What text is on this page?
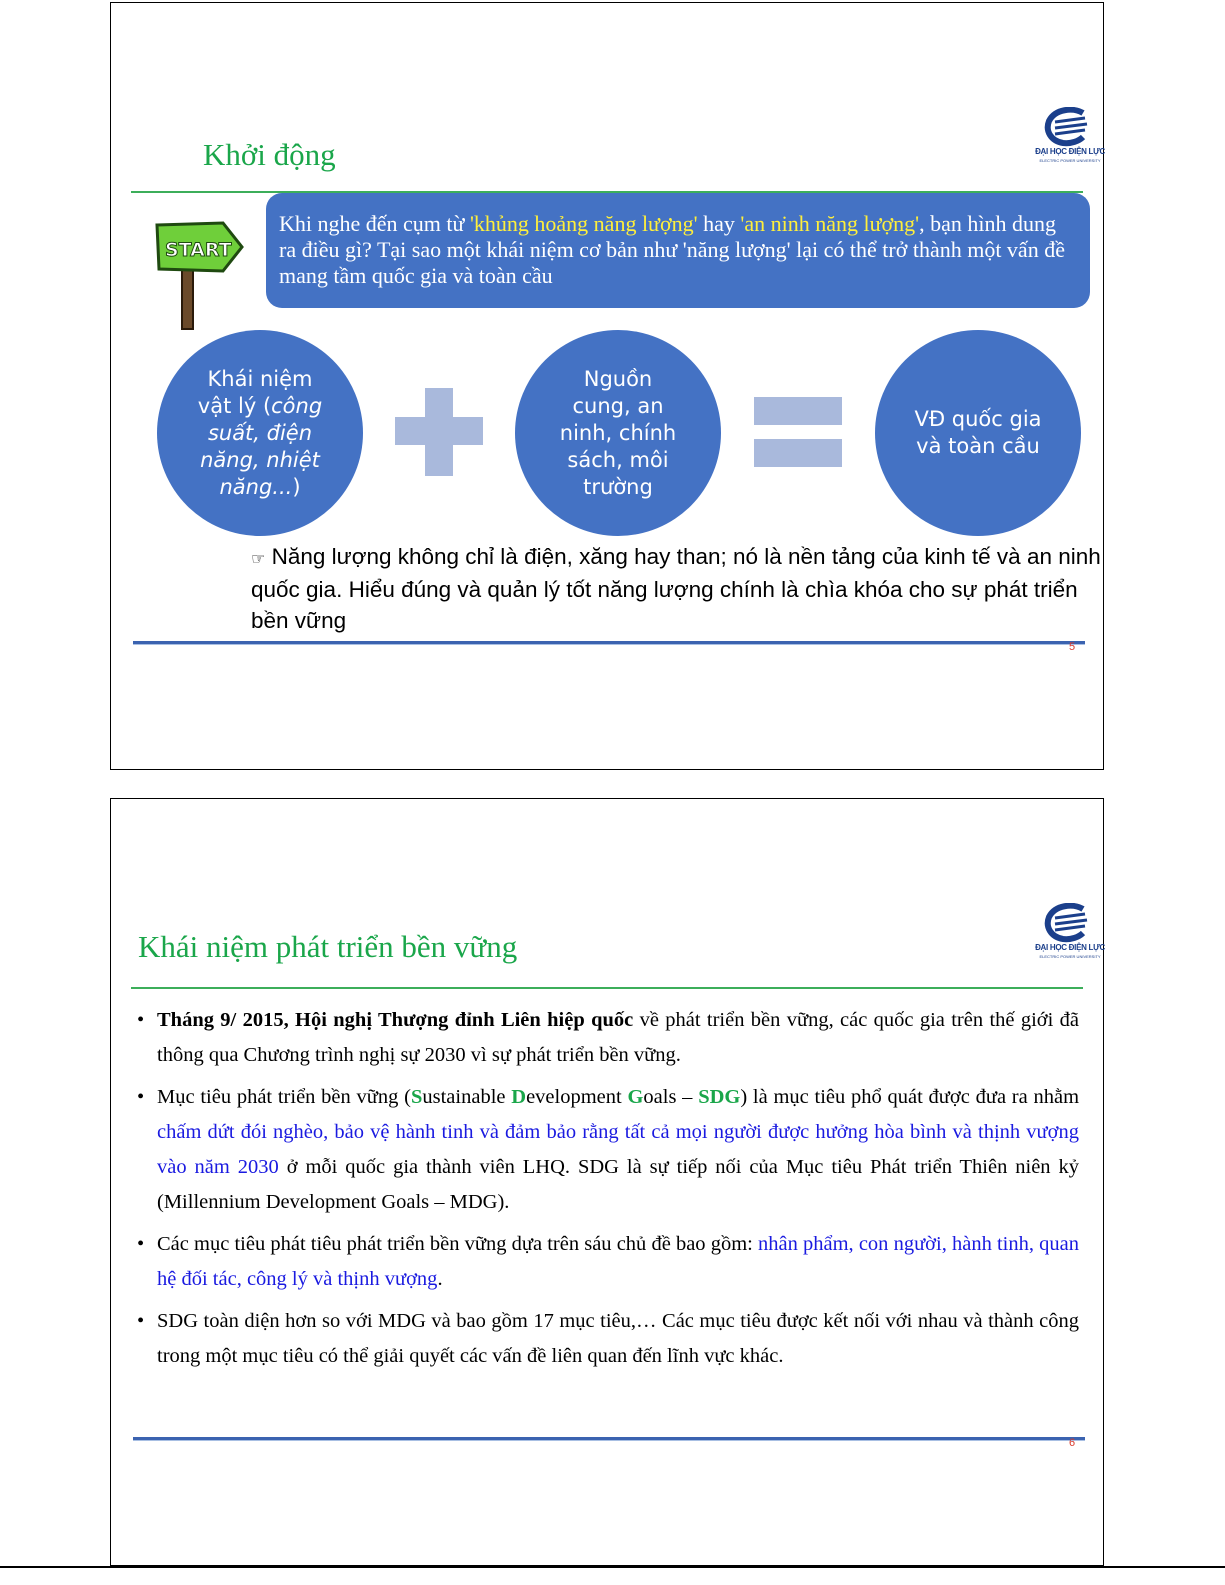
Khởi động	ĐẠI HỌC ĐIỆN LỰC
ELECTRIC POWER UNIVERSITY
START
Khi nghe đến cụm từ 'khủng hoảng năng lượng' hay 'an ninh năng lượng', bạn hình dung ra điều gì? Tại sao một khái niệm cơ bản như 'năng lượng' lại có thể trở thành một vấn đề mang tầm quốc gia và toàn cầu
Khái niệm
vật lý (công suất, điện năng, nhiệt năng...)
Nguồn cung, an ninh, chính sách, môi trường
VĐ quốc gia và toàn cầu
☞ Năng lượng không chỉ là điện, xăng hay than; nó là nền tảng của kinh tế và an ninh quốc gia. Hiểu đúng và quản lý tốt năng lượng chính là chìa khóa cho sự phát triển bền vững
5
Khái niệm phát triển bền vững	ĐẠI HỌC ĐIỆN LỰC
ELECTRIC POWER UNIVERSITY
• Tháng 9/ 2015, Hội nghị Thượng đỉnh Liên hiệp quốc về phát triển bền vững, các quốc gia trên thế giới đã thông qua Chương trình nghị sự 2030 vì sự phát triển bền vững.
• Mục tiêu phát triển bền vững (Sustainable Development Goals – SDG) là mục tiêu phổ quát được đưa ra nhằm chấm dứt đói nghèo, bảo vệ hành tinh và đảm bảo rằng tất cả mọi người được hưởng hòa bình và thịnh vượng vào năm 2030 ở mỗi quốc gia thành viên LHQ. SDG là sự tiếp nối của Mục tiêu Phát triển Thiên niên kỷ (Millennium Development Goals – MDG).
• Các mục tiêu phát tiêu phát triển bền vững dựa trên sáu chủ đề bao gồm: nhân phẩm, con người, hành tinh, quan hệ đối tác, công lý và thịnh vượng.
• SDG toàn diện hơn so với MDG và bao gồm 17 mục tiêu,… Các mục tiêu được kết nối với nhau và thành công trong một mục tiêu có thể giải quyết các vấn đề liên quan đến lĩnh vực khác.
6
